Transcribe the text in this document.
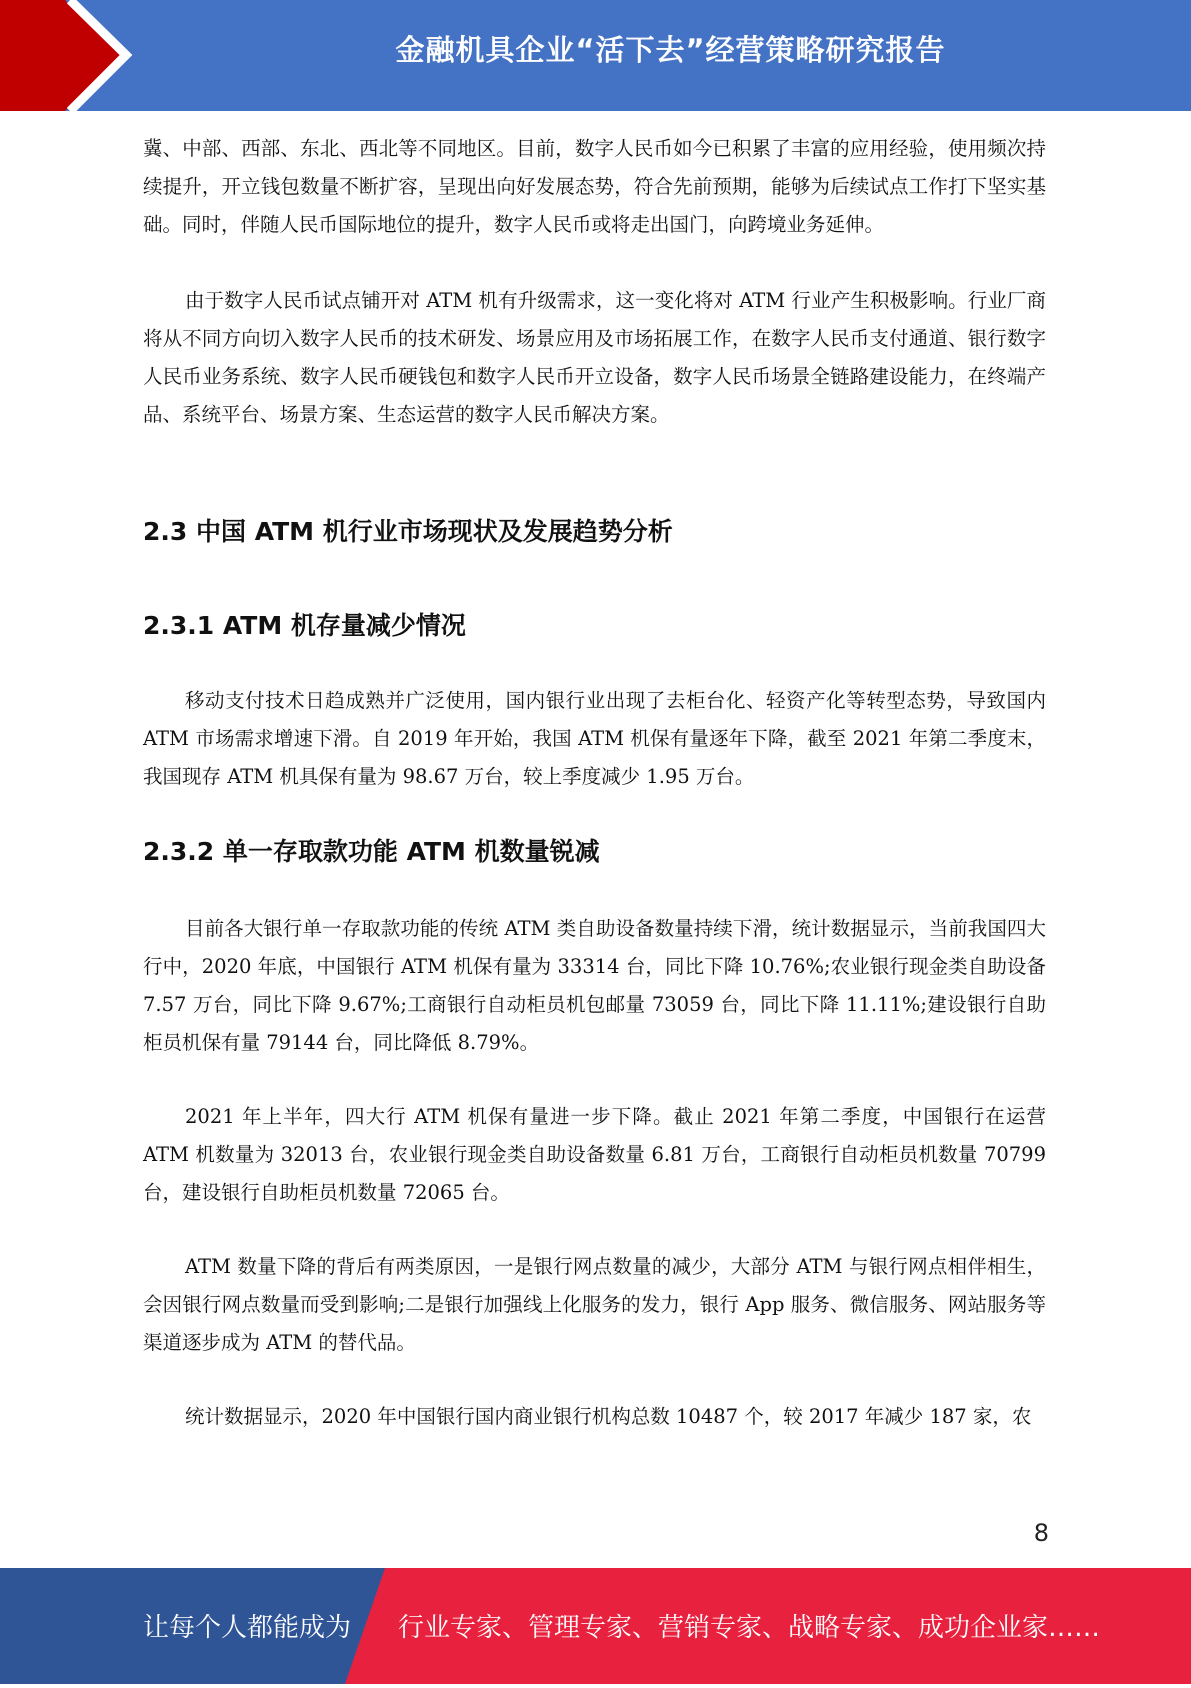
金融机具企业“活下去”经营策略研究报告

冀、中部、西部、东北、西北等不同地区。目前，数字人民币如今已积累了丰富的应用经验，使用频次持续提升，开立钱包数量不断扩容，呈现出向好发展态势，符合先前预期，能够为后续试点工作打下坚实基础。同时，伴随人民币国际地位的提升，数字人民币或将走出国门，向跨境业务延伸。

由于数字人民币试点铺开对 ATM 机有升级需求，这一变化将对 ATM 行业产生积极影响。行业厂商将从不同方向切入数字人民币的技术研发、场景应用及市场拓展工作，在数字人民币支付通道、银行数字人民币业务系统、数字人民币硬钱包和数字人民币开立设备，数字人民币场景全链路建设能力，在终端产品、系统平台、场景方案、生态运营的数字人民币解决方案。

2.3 中国 ATM 机行业市场现状及发展趋势分析
2.3.1 ATM 机存量减少情况

移动支付技术日趋成熟并广泛使用，国内银行业出现了去柜台化、轻资产化等转型态势，导致国内 ATM 市场需求增速下滑。自 2019 年开始，我国 ATM 机保有量逐年下降，截至 2021 年第二季度末，我国现存 ATM 机具保有量为 98.67 万台，较上季度减少 1.95 万台。

2.3.2 单一存取款功能 ATM 机数量锐减

目前各大银行单一存取款功能的传统 ATM 类自助设备数量持续下滑，统计数据显示，当前我国四大行中，2020 年底，中国银行 ATM 机保有量为 33314 台，同比下降 10.76%;农业银行现金类自助设备 7.57 万台，同比下降 9.67%;工商银行自动柜员机包邮量 73059 台，同比下降 11.11%;建设银行自助柜员机保有量 79144 台，同比降低 8.79%。

2021 年上半年，四大行 ATM 机保有量进一步下降。截止 2021 年第二季度，中国银行在运营 ATM 机数量为 32013 台，农业银行现金类自助设备数量 6.81 万台，工商银行自动柜员机数量 70799 台，建设银行自助柜员机数量 72065 台。

ATM 数量下降的背后有两类原因，一是银行网点数量的减少，大部分 ATM 与银行网点相伴相生，会因银行网点数量而受到影响;二是银行加强线上化服务的发力，银行 App 服务、微信服务、网站服务等渠道逐步成为 ATM 的替代品。

统计数据显示，2020 年中国银行国内商业银行机构总数 10487 个，较 2017 年减少 187 家，农

8
让每个人都能成为 行业专家、管理专家、营销专家、战略专家、成功企业家……
